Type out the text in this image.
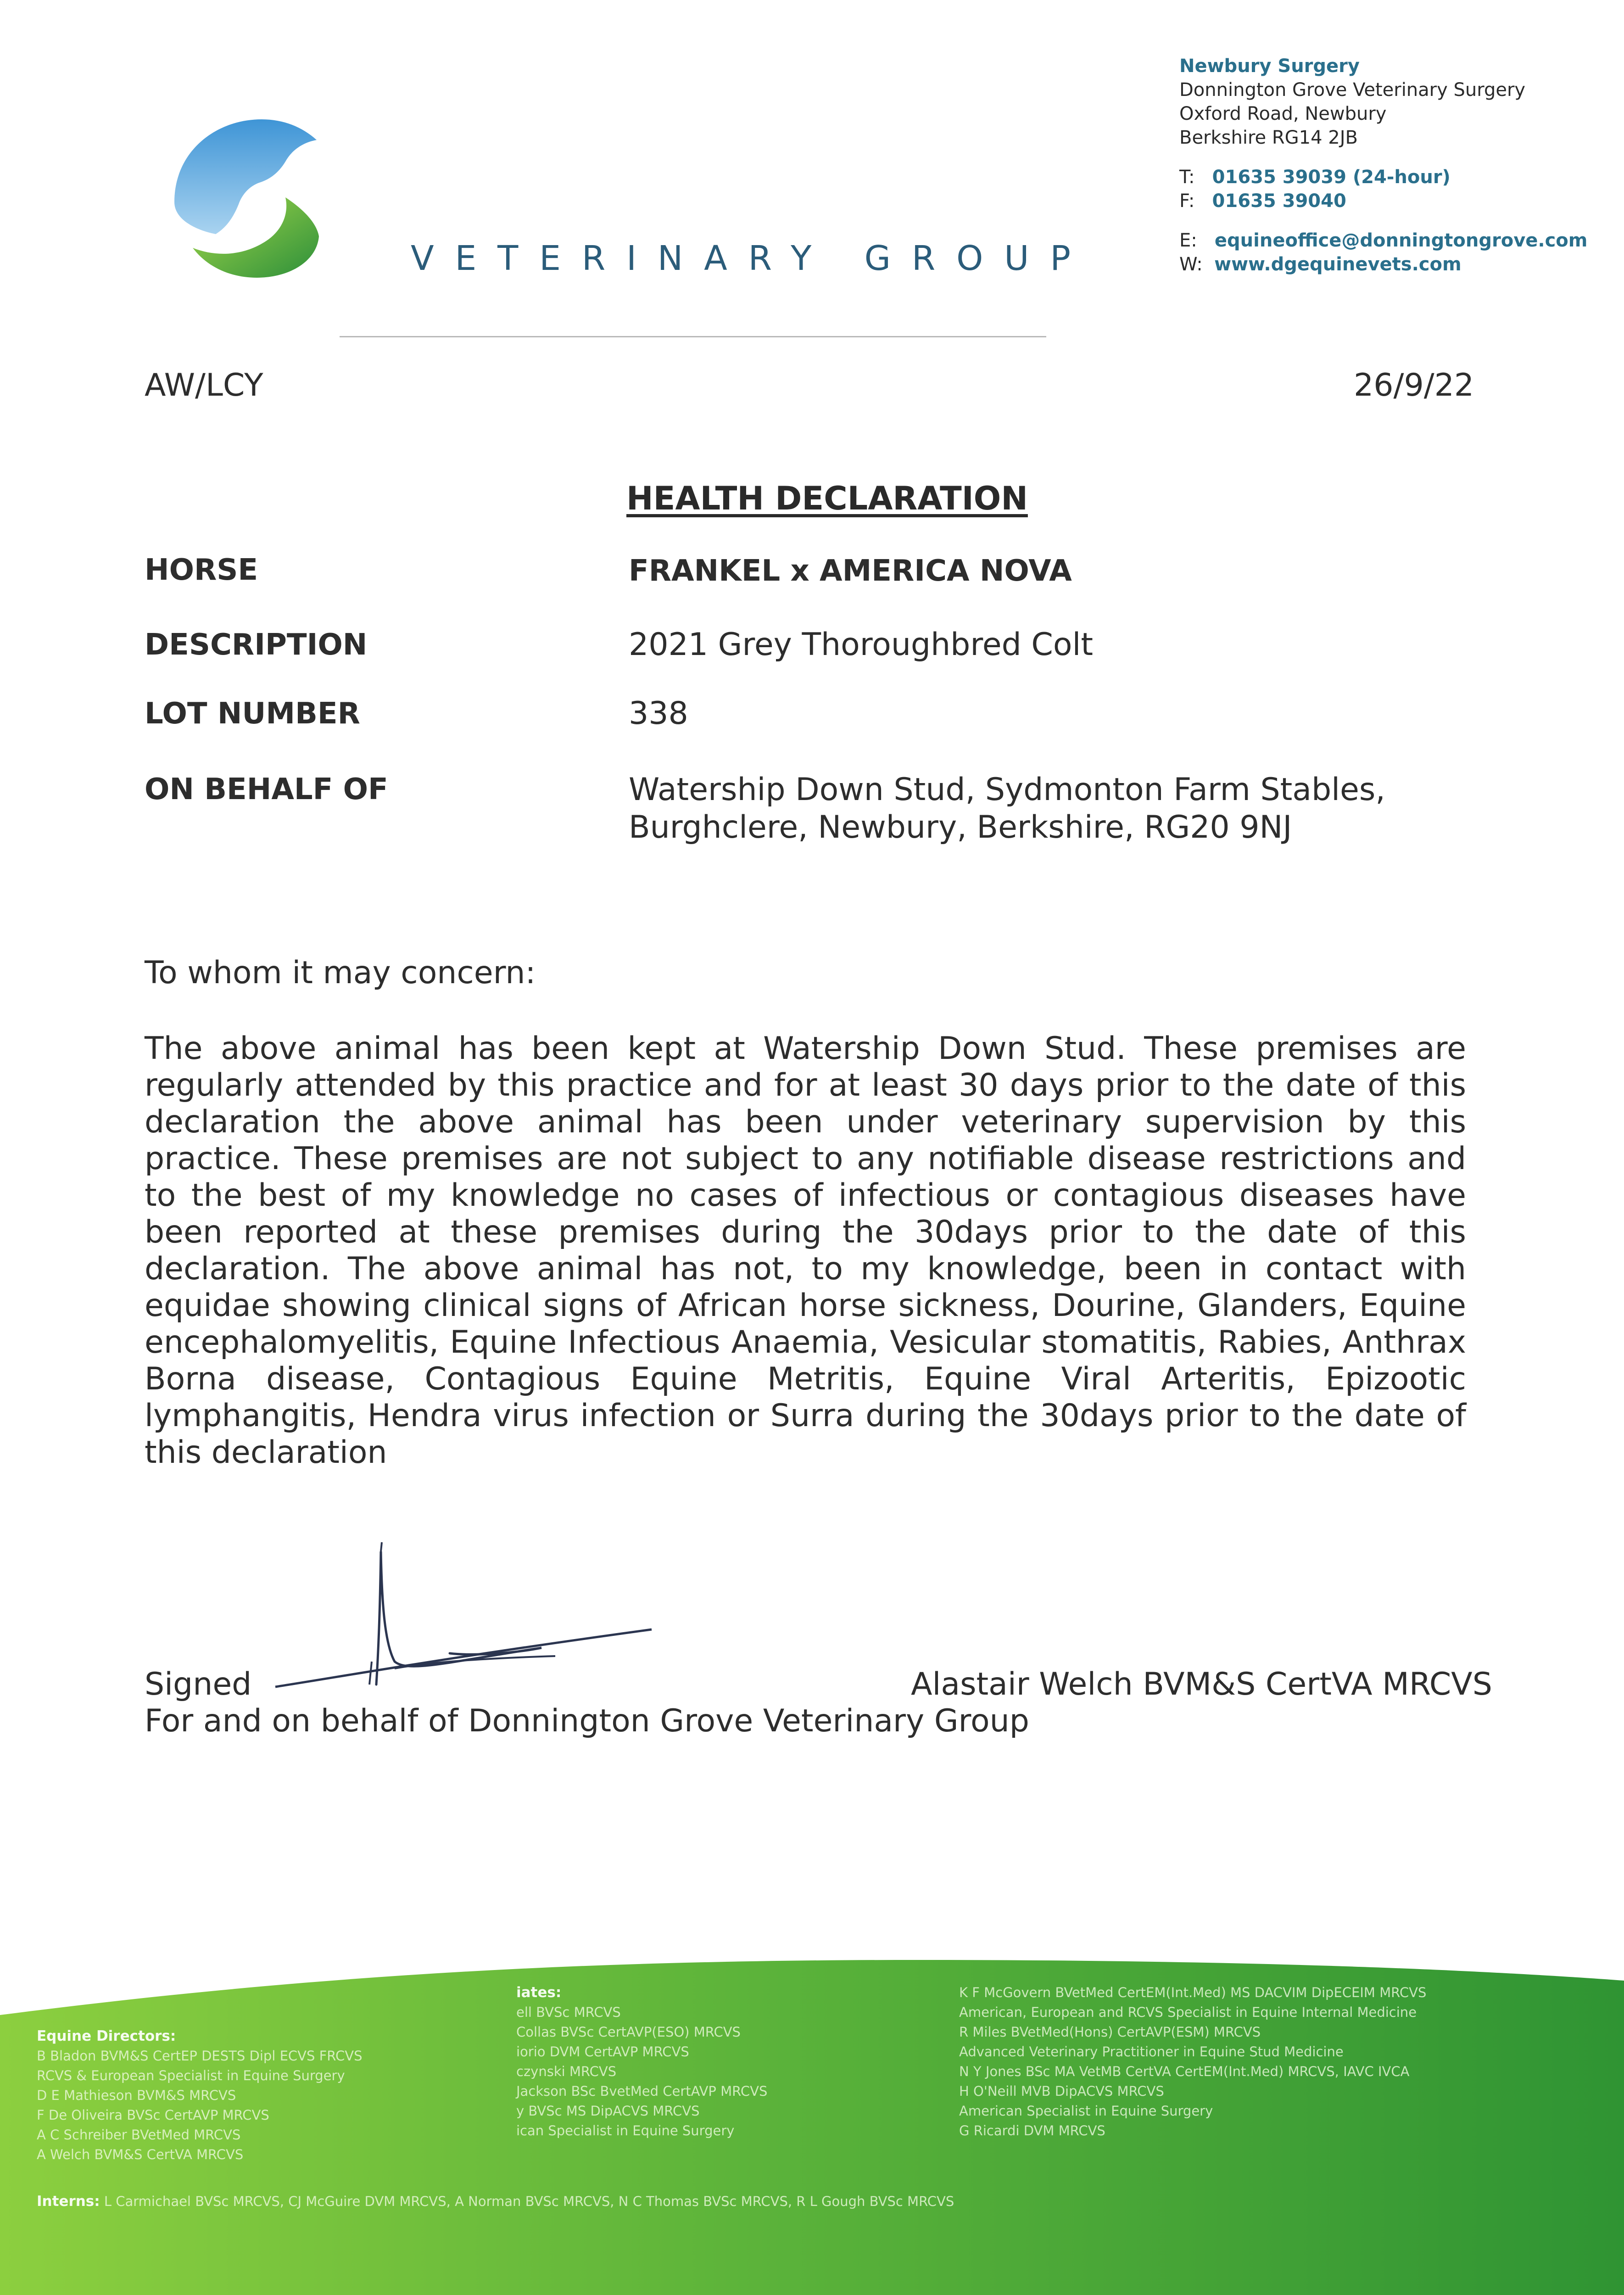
VETERINARY GROUP
Newbury Surgery
Donnington Grove Veterinary Surgery
Oxford Road, Newbury
Berkshire RG14 2JB
T: 01635 39039 (24-hour)
F: 01635 39040
E: equineoffice@donningtongrove.com
W: www.dgequinevets.com
AW/LCY	26/9/22
HEALTH DECLARATION
HORSE	FRANKEL x AMERICA NOVA
DESCRIPTION	2021 Grey Thoroughbred Colt
LOT NUMBER	338
ON BEHALF OF	Watership Down Stud, Sydmonton Farm Stables,
Burghclere, Newbury, Berkshire, RG20 9NJ
To whom it may concern:
The above animal has been kept at Watership Down Stud. These premises are regularly attended by this practice and for at least 30 days prior to the date of this declaration the above animal has been under veterinary supervision by this practice. These premises are not subject to any notifiable disease restrictions and to the best of my knowledge no cases of infectious or contagious diseases have been reported at these premises during the 30days prior to the date of this declaration. The above animal has not, to my knowledge, been in contact with equidae showing clinical signs of African horse sickness, Dourine, Glanders, Equine encephalomyelitis, Equine Infectious Anaemia, Vesicular stomatitis, Rabies, Anthrax Borna disease, Contagious Equine Metritis, Equine Viral Arteritis, Epizootic lymphangitis, Hendra virus infection or Surra during the 30days prior to the date of this declaration
Signed	Alastair Welch BVM&S CertVA MRCVS
For and on behalf of Donnington Grove Veterinary Group
Equine Directors:
B Bladon BVM&S CertEP DESTS Dipl ECVS FRCVS
RCVS & European Specialist in Equine Surgery
D E Mathieson BVM&S MRCVS
F De Oliveira BVSc CertAVP MRCVS
A C Schreiber BVetMed MRCVS
A Welch BVM&S CertVA MRCVS
iates:
ell BVSc MRCVS
Collas BVSc CertAVP(ESO) MRCVS
iorio DVM CertAVP MRCVS
czynski MRCVS
Jackson BSc BvetMed CertAVP MRCVS
y BVSc MS DipACVS MRCVS
ican Specialist in Equine Surgery
K F McGovern BVetMed CertEM(Int.Med) MS DACVIM DipECEIM MRCVS
American, European and RCVS Specialist in Equine Internal Medicine
R Miles BVetMed(Hons) CertAVP(ESM) MRCVS
Advanced Veterinary Practitioner in Equine Stud Medicine
N Y Jones BSc MA VetMB CertVA CertEM(Int.Med) MRCVS, IAVC IVCA
H O'Neill MVB DipACVS MRCVS
American Specialist in Equine Surgery
G Ricardi DVM MRCVS
Interns: L Carmichael BVSc MRCVS, CJ McGuire DVM MRCVS, A Norman BVSc MRCVS, N C Thomas BVSc MRCVS, R L Gough BVSc MRCVS
